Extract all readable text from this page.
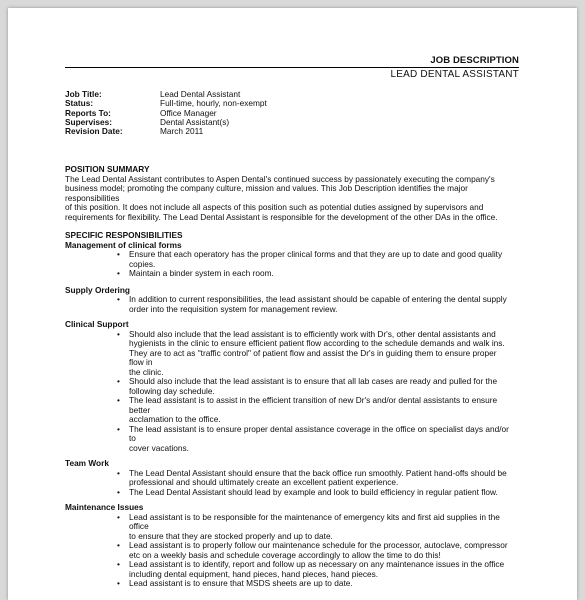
JOB DESCRIPTION
LEAD DENTAL ASSISTANT
Job Title:	Lead Dental Assistant
Status:	Full-time, hourly, non-exempt
Reports To:	Office Manager
Supervises:	Dental Assistant(s)
Revision Date:	March 2011
POSITION SUMMARY
The Lead Dental Assistant contributes to Aspen Dental's continued success by passionately executing the company's
business model; promoting the company culture, mission and values. This Job Description identifies the major responsibilities
of this position. It does not include all aspects of this position such as potential duties assigned by supervisors and
requirements for flexibility. The Lead Dental Assistant is responsible for the development of the other DAs in the office.
SPECIFIC RESPONSIBILITIES
Management of clinical forms
• Ensure that each operatory has the proper clinical forms and that they are up to date and good quality
copies.
• Maintain a binder system in each room.
Supply Ordering
• In addition to current responsibilities, the lead assistant should be capable of entering the dental supply
order into the requisition system for management review.
Clinical Support
• Should also include that the lead assistant is to efficiently work with Dr's, other dental assistants and
hygienists in the clinic to ensure efficient patient flow according to the schedule demands and walk ins.
They are to act as "traffic control" of patient flow and assist the Dr's in guiding them to ensure proper flow in
the clinic.
• Should also include that the lead assistant is to ensure that all lab cases are ready and pulled for the
following day schedule.
• The lead assistant is to assist in the efficient transition of new Dr's and/or dental assistants to ensure better
acclamation to the office.
• The lead assistant is to ensure proper dental assistance coverage in the office on specialist days and/or to
cover vacations.
Team Work
• The Lead Dental Assistant should ensure that the back office run smoothly. Patient hand-offs should be
professional and should ultimately create an excellent patient experience.
• The Lead Dental Assistant should lead by example and look to build efficiency in regular patient flow.
Maintenance Issues
• Lead assistant is to be responsible for the maintenance of emergency kits and first aid supplies in the office
to ensure that they are stocked properly and up to date.
• Lead assistant is to properly follow our maintenance schedule for the processor, autoclave, compressor
etc on a weekly basis and schedule coverage accordingly to allow the time to do this!
• Lead assistant is to identify, report and follow up as necessary on any maintenance issues in the office
including dental equipment, hand pieces, hand pieces, hand pieces.
• Lead assistant is to ensure that MSDS sheets are up to date.
